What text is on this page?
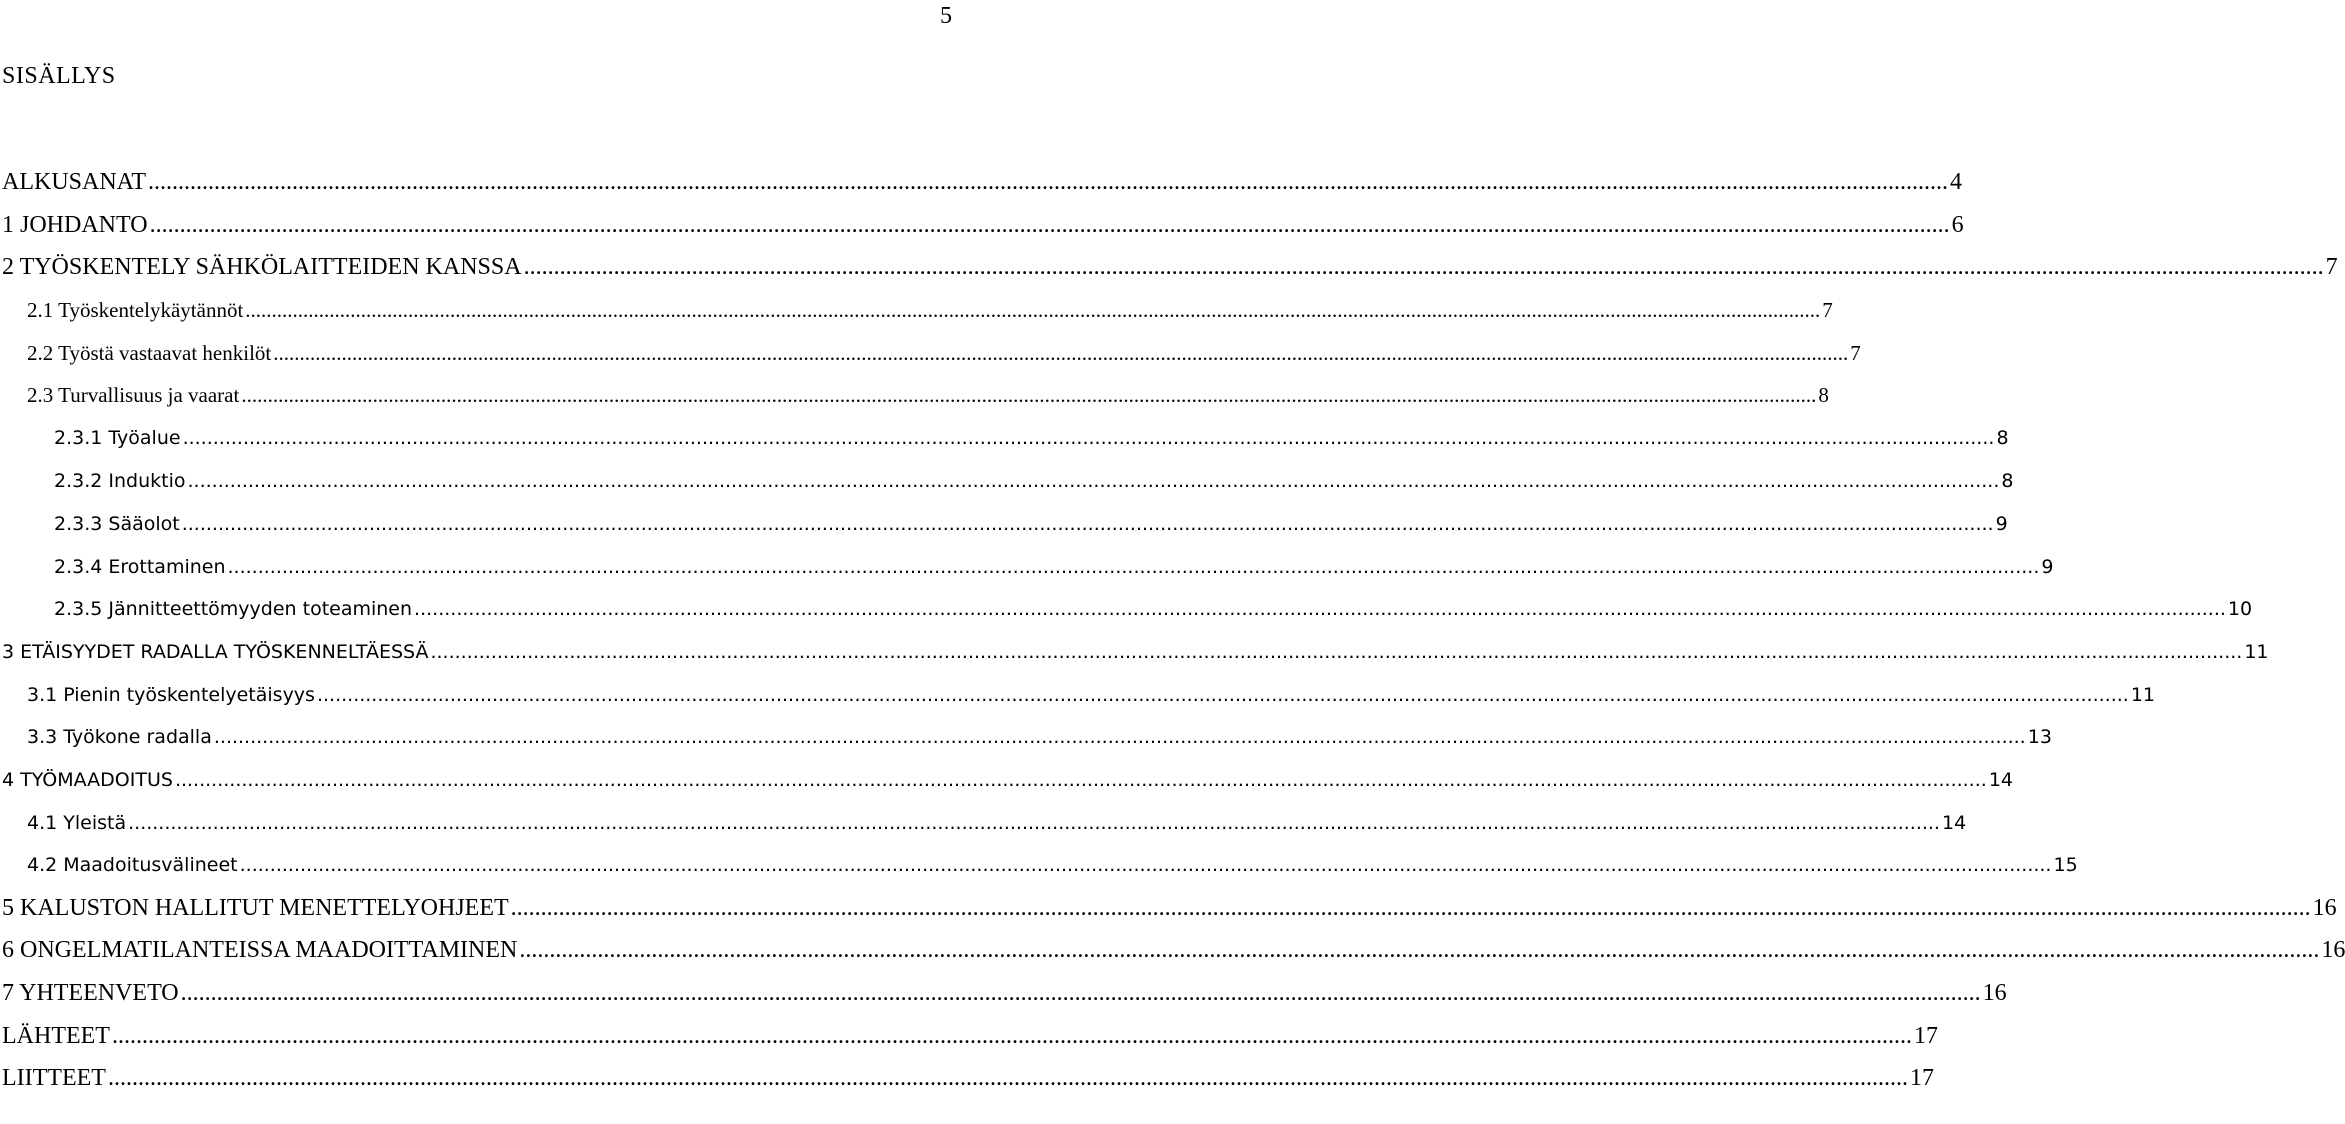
5
SISÄLLYS
ALKUSANAT ............................................................................................................................................................................................................................................................................................................ 4
1 JOHDANTO ............................................................................................................................................................................................................................................................................................................ 6
2 TYÖSKENTELY SÄHKÖLAITTEIDEN KANSSA ............................................................................................................................................................................................................................................................................................................ 7
2.1 Työskentelykäytännöt ............................................................................................................................................................................................................................................................................................................ 7
2.2 Työstä vastaavat henkilöt ............................................................................................................................................................................................................................................................................................................ 7
2.3 Turvallisuus ja vaarat ............................................................................................................................................................................................................................................................................................................ 8
2.3.1 Työalue ............................................................................................................................................................................................................................................................................................................ 8
2.3.2 Induktio ............................................................................................................................................................................................................................................................................................................ 8
2.3.3 Sääolot ............................................................................................................................................................................................................................................................................................................ 9
2.3.4 Erottaminen ............................................................................................................................................................................................................................................................................................................ 9
2.3.5 Jännitteettömyyden toteaminen ............................................................................................................................................................................................................................................................................................................ 10
3 ETÄISYYDET RADALLA TYÖSKENNELTÄESSÄ ............................................................................................................................................................................................................................................................................................................ 11
3.1 Pienin työskentelyetäisyys ............................................................................................................................................................................................................................................................................................................ 11
3.3 Työkone radalla ............................................................................................................................................................................................................................................................................................................ 13
4 TYÖMAADOITUS ............................................................................................................................................................................................................................................................................................................ 14
4.1 Yleistä ............................................................................................................................................................................................................................................................................................................ 14
4.2 Maadoitusvälineet ............................................................................................................................................................................................................................................................................................................ 15
5 KALUSTON HALLITUT MENETTELYOHJEET ............................................................................................................................................................................................................................................................................................................ 16
6 ONGELMATILANTEISSA MAADOITTAMINEN ............................................................................................................................................................................................................................................................................................................ 16
7 YHTEENVETO ............................................................................................................................................................................................................................................................................................................ 16
LÄHTEET ............................................................................................................................................................................................................................................................................................................ 17
LIITTEET ............................................................................................................................................................................................................................................................................................................ 17
